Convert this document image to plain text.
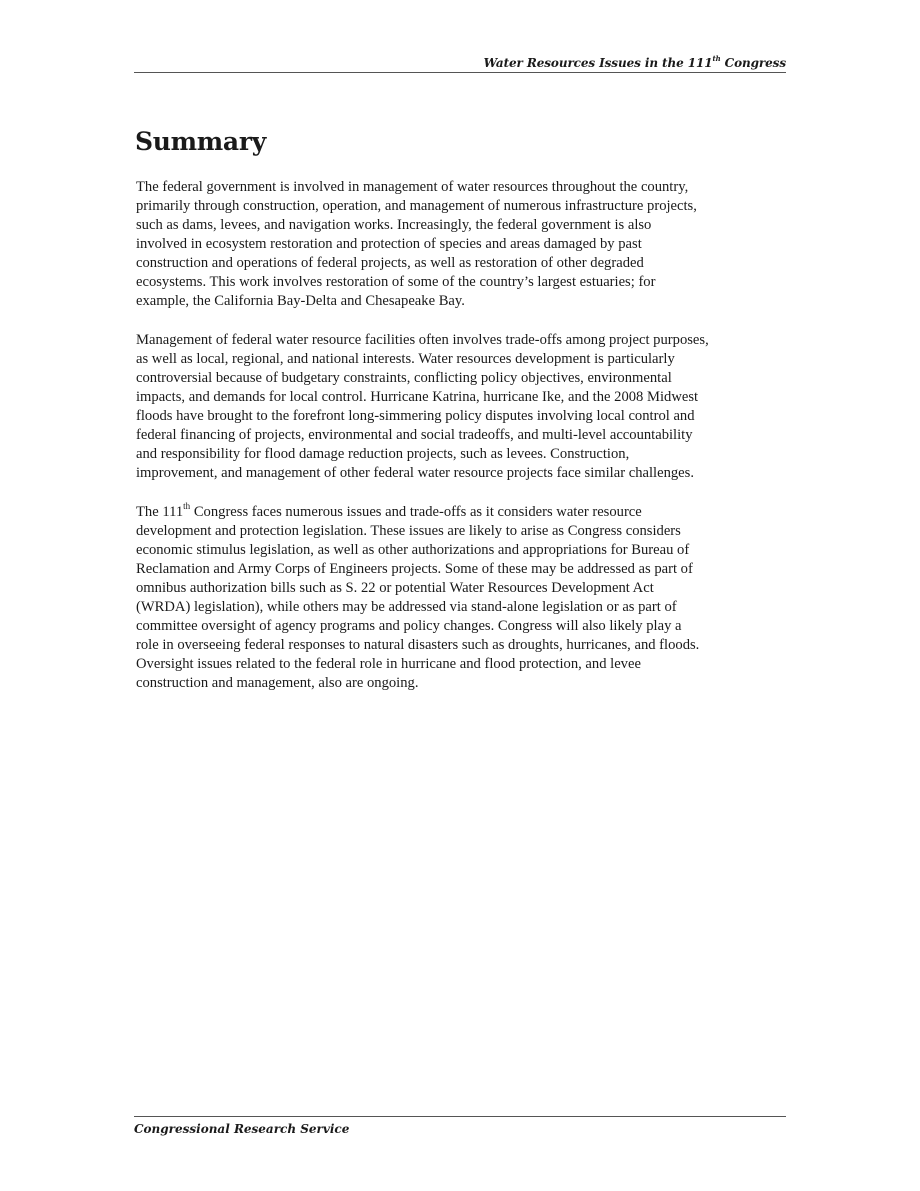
Water Resources Issues in the 111th Congress
Summary

The federal government is involved in management of water resources throughout the country,
primarily through construction, operation, and management of numerous infrastructure projects,
such as dams, levees, and navigation works. Increasingly, the federal government is also
involved in ecosystem restoration and protection of species and areas damaged by past
construction and operations of federal projects, as well as restoration of other degraded
ecosystems. This work involves restoration of some of the country’s largest estuaries; for
example, the California Bay-Delta and Chesapeake Bay.

Management of federal water resource facilities often involves trade-offs among project purposes,
as well as local, regional, and national interests. Water resources development is particularly
controversial because of budgetary constraints, conflicting policy objectives, environmental
impacts, and demands for local control. Hurricane Katrina, hurricane Ike, and the 2008 Midwest
floods have brought to the forefront long-simmering policy disputes involving local control and
federal financing of projects, environmental and social tradeoffs, and multi-level accountability
and responsibility for flood damage reduction projects, such as levees. Construction,
improvement, and management of other federal water resource projects face similar challenges.

The 111th Congress faces numerous issues and trade-offs as it considers water resource
development and protection legislation. These issues are likely to arise as Congress considers
economic stimulus legislation, as well as other authorizations and appropriations for Bureau of
Reclamation and Army Corps of Engineers projects. Some of these may be addressed as part of
omnibus authorization bills such as S. 22 or potential Water Resources Development Act
(WRDA) legislation), while others may be addressed via stand-alone legislation or as part of
committee oversight of agency programs and policy changes. Congress will also likely play a
role in overseeing federal responses to natural disasters such as droughts, hurricanes, and floods.
Oversight issues related to the federal role in hurricane and flood protection, and levee
construction and management, also are ongoing.

Congressional Research Service
